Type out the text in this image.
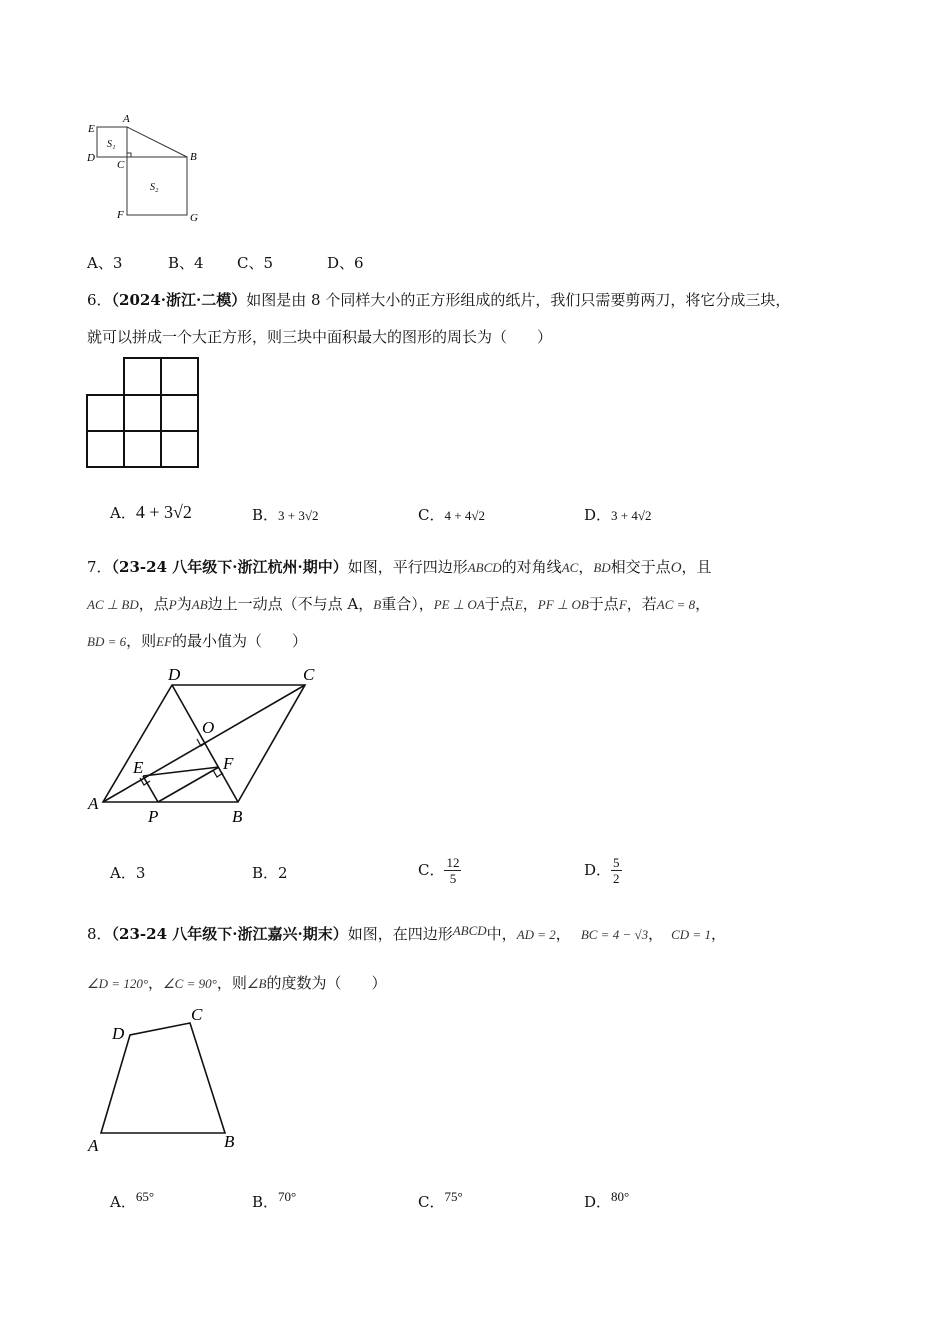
E
A
D
C
B
F	G
S₁
S₂
A、3	B、4 C、5	D、6
6．（2024·浙江·二模）如图是由 8 个同样大小的正方形组成的纸片，我们只需要剪两刀，将它分成三块，
就可以拼成一个大正方形，则三块中面积最大的图形的周长为（　　）
A．4 + 3√2	B．3 + 3√2	C．4 + 4√2	D．3 + 4√2
7．（23-24 八年级下·浙江杭州·期中）如图，平行四边形ABCD的对角线AC，BD相交于点O，且
AC ⊥ BD，点P为AB边上一动点（不与点 A，B重合），PE ⊥ OA于点E，PF ⊥ OB于点F，若AC = 8，
BD = 6，则EF的最小值为（　　）
D	C
O
E	F
A
P	B
A．3	B．2	C． $\frac{12}{5}$	D． $\frac{5}{2}$
8．（23-24 八年级下·浙江嘉兴·期末）如图，在四边形ABCD中，AD = 2， BC = 4 − √3， CD = 1，
∠D = 120°，∠C = 90°，则∠B的度数为（　　）
D
C
A	B
A．65°	B．70°	C．75°	D．80°
